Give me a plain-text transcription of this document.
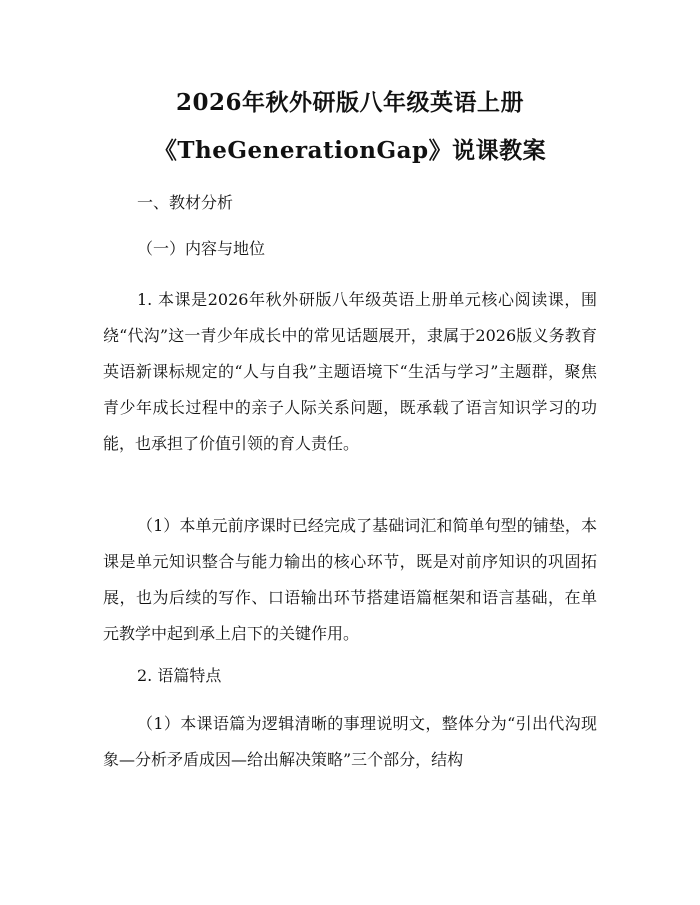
2026年秋外研版八年级英语上册
《TheGenerationGap》说课教案
一、教材分析
（一）内容与地位
1. 本课是2026年秋外研版八年级英语上册单元核心阅读课，围绕“代沟”这一青少年成长中的常见话题展开，隶属于2026版义务教育英语新课标规定的“人与自我”主题语境下“生活与学习”主题群，聚焦青少年成长过程中的亲子人际关系问题，既承载了语言知识学习的功能，也承担了价值引领的育人责任。
（1）本单元前序课时已经完成了基础词汇和简单句型的铺垫，本课是单元知识整合与能力输出的核心环节，既是对前序知识的巩固拓展，也为后续的写作、口语输出环节搭建语篇框架和语言基础，在单元教学中起到承上启下的关键作用。
2. 语篇特点
（1）本课语篇为逻辑清晰的事理说明文，整体分为“引出代沟现象—分析矛盾成因—给出解决策略”三个部分，结构
